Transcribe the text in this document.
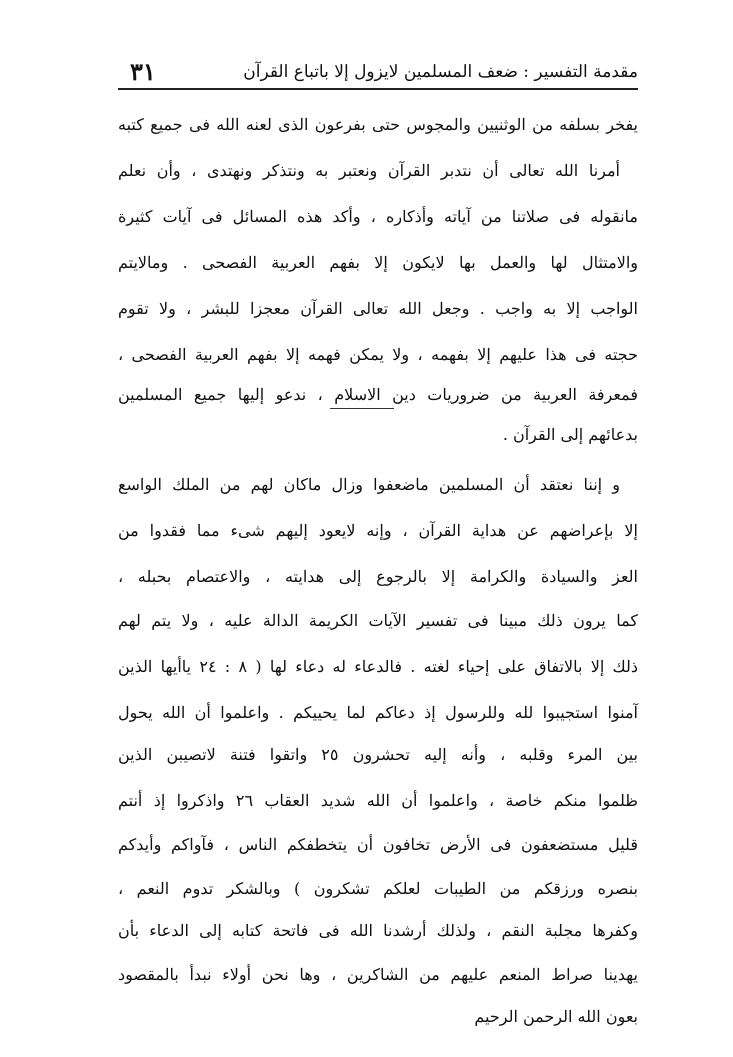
مقدمة التفسير : ضعف المسلمين لايزول إلا باتباع القرآن
٣١
يفخر بسلفه من الوثنيين والمجوس حتى بفرعون الذى لعنه الله فى جميع كتبه
أمرنا الله تعالى أن نتدبر القرآن ونعتبر به ونتذكر ونهتدى ، وأن نعلم
مانقوله فى صلاتنا من آياته وأذكاره ، وأكد هذه المسائل فى آيات كثيرة
والامتثال لها والعمل بها لايكون إلا بفهم العربية الفصحى . ومالايتم
الواجب إلا به واجب . وجعل الله تعالى القرآن معجزا للبشر ، ولا تقوم
حجته فى هذا عليهم إلا بفهمه ، ولا يمكن فهمه إلا بفهم العربية الفصحى ،
فمعرفة العربية من ضروريات دين الاسلام ، ندعو إليها جميع المسلمين
بدعائهم إلى القرآن .
و إننا نعتقد أن المسلمين ماضعفوا وزال ماكان لهم من الملك الواسع
إلا بإعراضهم عن هداية القرآن ، وإنه لايعود إليهم شىء مما فقدوا من
العز والسيادة والكرامة إلا بالرجوع إلى هدايته ، والاعتصام بحبله ،
كما يرون ذلك مبينا فى تفسير الآيات الكريمة الدالة عليه ، ولا يتم لهم
ذلك إلا بالاتفاق على إحياء لغته . فالدعاء له دعاء لها ( ٨ : ٢٤ ياأيها الذين
آمنوا استجيبوا لله وللرسول إذ دعاكم لما يحييكم . واعلموا أن الله يحول
بين المرء وقلبه ، وأنه إليه تحشرون ٢٥ واتقوا فتنة لاتصيبن الذين
ظلموا منكم خاصة ، واعلموا أن الله شديد العقاب ٢٦ واذكروا إذ أنتم
قليل مستضعفون فى الأرض تخافون أن يتخطفكم الناس ، فآواكم وأيدكم
بنصره ورزقكم من الطيبات لعلكم تشكرون ) وبالشكر تدوم النعم ،
وكفرها مجلبة النقم ، ولذلك أرشدنا الله فى فاتحة كتابه إلى الدعاء بأن
يهدينا صراط المنعم عليهم من الشاكرين ، وها نحن أولاء نبدأ بالمقصود
بعون الله الرحمن الرحيم
